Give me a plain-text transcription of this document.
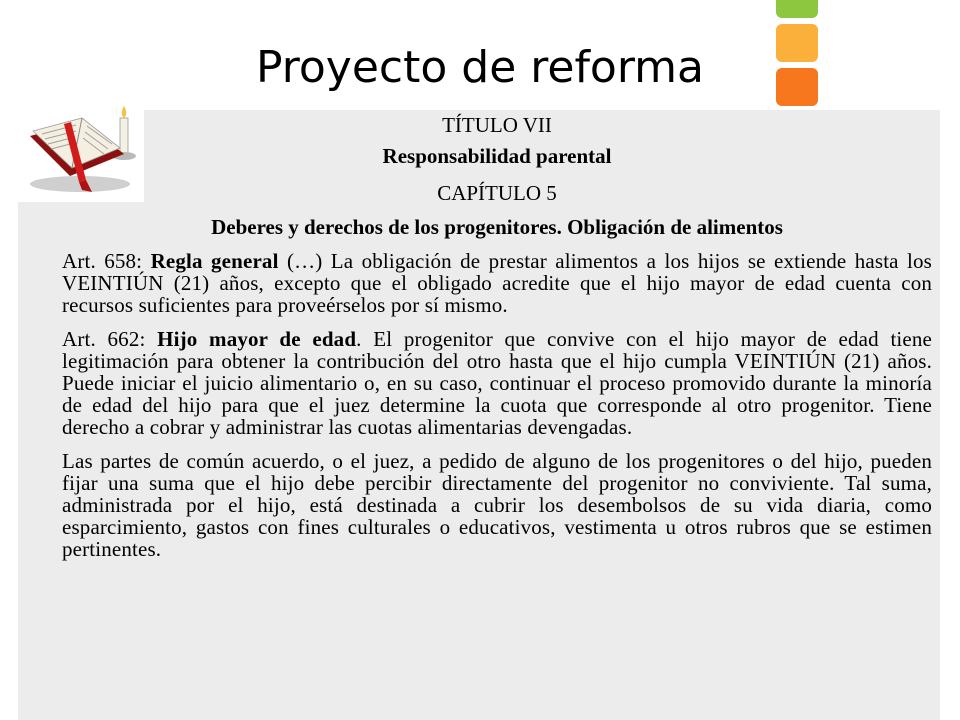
Proyecto de reforma

TÍTULO VII

Responsabilidad parental

CAPÍTULO 5

Deberes y derechos de los progenitores. Obligación de alimentos

Art. 658: Regla general (…) La obligación de prestar alimentos a los hijos se extiende hasta los VEINTIÚN (21) años, excepto que el obligado acredite que el hijo mayor de edad cuenta con recursos suficientes para proveérselos por sí mismo.

Art. 662: Hijo mayor de edad. El progenitor que convive con el hijo mayor de edad tiene legitimación para obtener la contribución del otro hasta que el hijo cumpla VEINTIÚN (21) años. Puede iniciar el juicio alimentario o, en su caso, continuar el proceso promovido durante la minoría de edad del hijo para que el juez determine la cuota que corresponde al otro progenitor. Tiene derecho a cobrar y administrar las cuotas alimentarias devengadas.

Las partes de común acuerdo, o el juez, a pedido de alguno de los progenitores o del hijo, pueden fijar una suma que el hijo debe percibir directamente del progenitor no conviviente. Tal suma, administrada por el hijo, está destinada a cubrir los desembolsos de su vida diaria, como esparcimiento, gastos con fines culturales o educativos, vestimenta u otros rubros que se estimen pertinentes.
